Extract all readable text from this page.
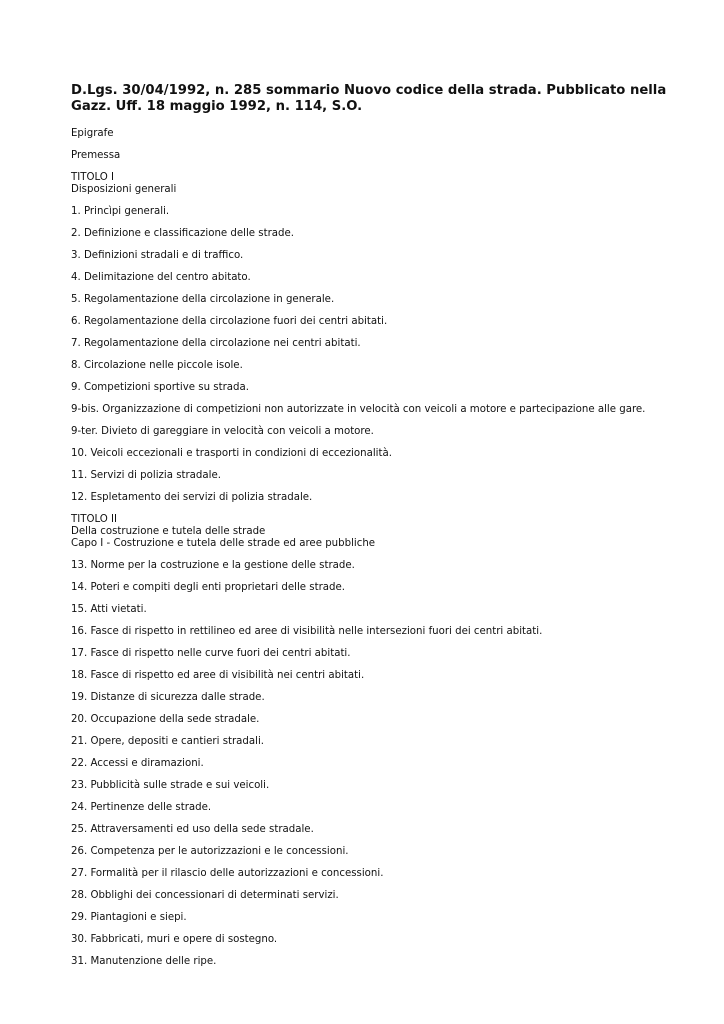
D.Lgs. 30/04/1992, n. 285 sommario Nuovo codice della strada. Pubblicato nella Gazz. Uff. 18 maggio 1992, n. 114, S.O.
Epigrafe
Premessa
TITOLO I
Disposizioni generali
1. Princìpi generali.
2. Definizione e classificazione delle strade.
3. Definizioni stradali e di traffico.
4. Delimitazione del centro abitato.
5. Regolamentazione della circolazione in generale.
6. Regolamentazione della circolazione fuori dei centri abitati.
7. Regolamentazione della circolazione nei centri abitati.
8. Circolazione nelle piccole isole.
9. Competizioni sportive su strada.
9-bis. Organizzazione di competizioni non autorizzate in velocità con veicoli a motore e partecipazione alle gare.
9-ter. Divieto di gareggiare in velocità con veicoli a motore.
10. Veicoli eccezionali e trasporti in condizioni di eccezionalità.
11. Servizi di polizia stradale.
12. Espletamento dei servizi di polizia stradale.
TITOLO II
Della costruzione e tutela delle strade
Capo I - Costruzione e tutela delle strade ed aree pubbliche
13. Norme per la costruzione e la gestione delle strade.
14. Poteri e compiti degli enti proprietari delle strade.
15. Atti vietati.
16. Fasce di rispetto in rettilineo ed aree di visibilità nelle intersezioni fuori dei centri abitati.
17. Fasce di rispetto nelle curve fuori dei centri abitati.
18. Fasce di rispetto ed aree di visibilità nei centri abitati.
19. Distanze di sicurezza dalle strade.
20. Occupazione della sede stradale.
21. Opere, depositi e cantieri stradali.
22. Accessi e diramazioni.
23. Pubblicità sulle strade e sui veicoli.
24. Pertinenze delle strade.
25. Attraversamenti ed uso della sede stradale.
26. Competenza per le autorizzazioni e le concessioni.
27. Formalità per il rilascio delle autorizzazioni e concessioni.
28. Obblighi dei concessionari di determinati servizi.
29. Piantagioni e siepi.
30. Fabbricati, muri e opere di sostegno.
31. Manutenzione delle ripe.
